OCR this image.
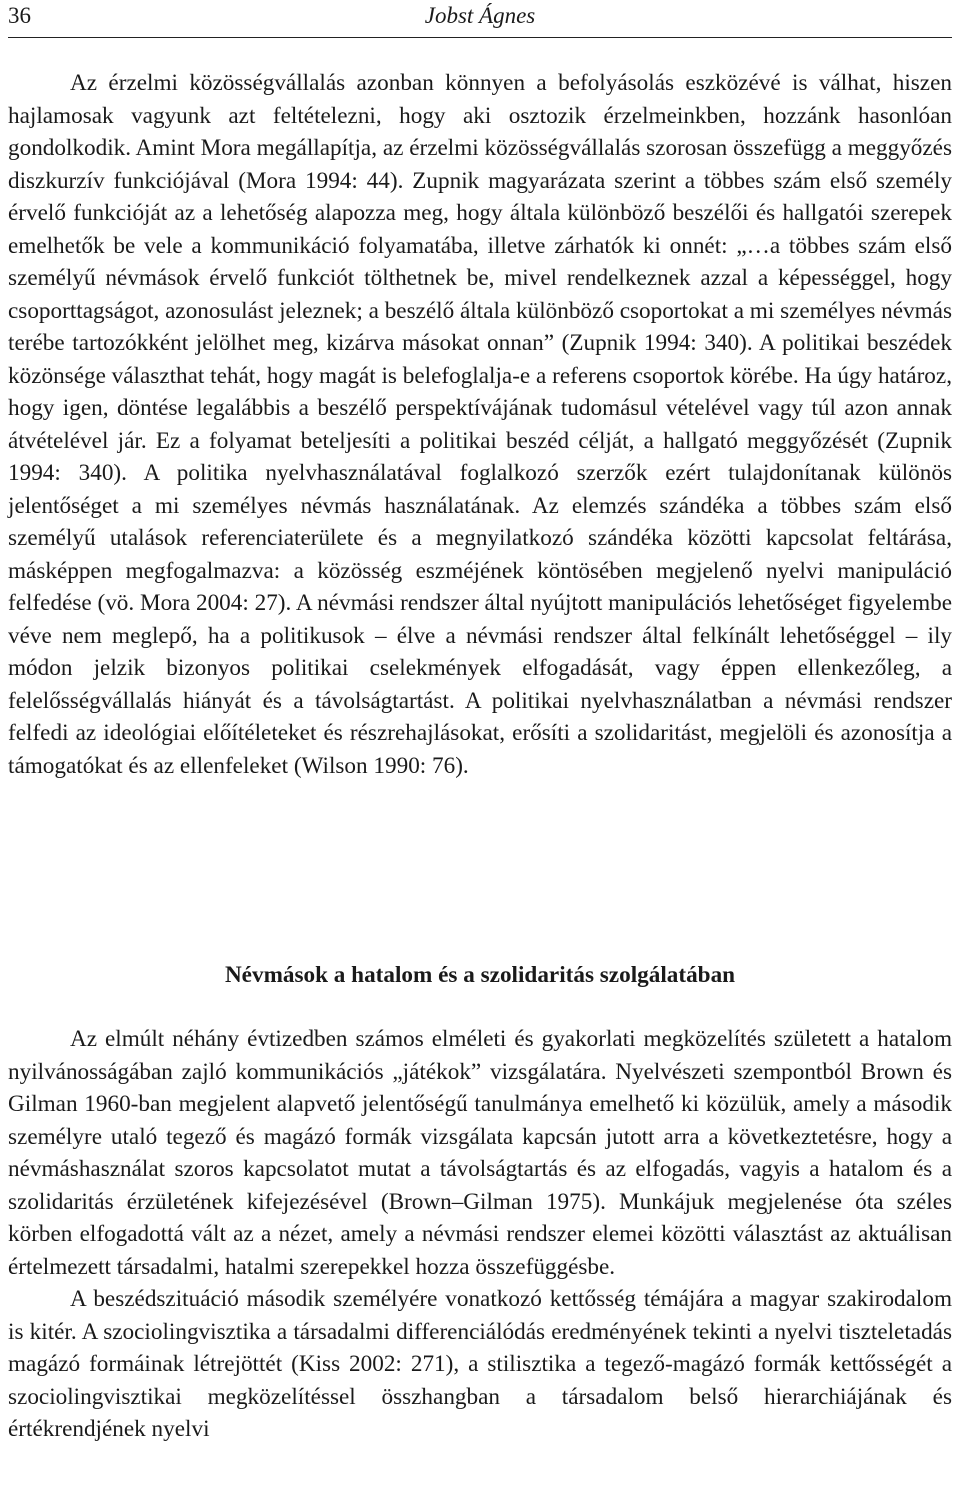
36	Jobst Ágnes

Az érzelmi közösségvállalás azonban könnyen a befolyásolás eszközévé is válhat, hiszen hajlamosak vagyunk azt feltételezni, hogy aki osztozik érzelmeinkben, hozzánk hasonlóan gondolkodik. Amint Mora megállapítja, az érzelmi közösségvállalás szorosan összefügg a meggyőzés diszkurzív funkciójával (Mora 1994: 44). Zupnik magyarázata szerint a többes szám első személy érvelő funkcióját az a lehetőség alapozza meg, hogy általa különböző beszélői és hallgatói szerepek emelhetők be vele a kommunikáció folyamatába, illetve zárhatók ki onnét: „…a többes szám első személyű névmások érvelő funkciót tölthetnek be, mivel rendelkeznek azzal a képességgel, hogy csoporttagságot, azonosulást jeleznek; a beszélő általa különböző csoportokat a mi személyes névmás terébe tartozókként jelölhet meg, kizárva másokat onnan” (Zupnik 1994: 340). A politikai beszédek közönsége választhat tehát, hogy magát is belefoglalja-e a referens csoportok körébe. Ha úgy határoz, hogy igen, döntése legalábbis a beszélő perspektívájának tudomásul vételével vagy túl azon annak átvételével jár. Ez a folyamat beteljesíti a politikai beszéd célját, a hallgató meggyőzését (Zupnik 1994: 340). A politika nyelvhasználatával foglalkozó szerzők ezért tulajdonítanak különös jelentőséget a mi személyes névmás használatának. Az elemzés szándéka a többes szám első személyű utalások referenciaterülete és a megnyilatkozó szándéka közötti kapcsolat feltárása, másképpen megfogalmazva: a közösség eszméjének köntösében megjelenő nyelvi manipuláció felfedése (vö. Mora 2004: 27). A névmási rendszer által nyújtott manipulációs lehetőséget figyelembe véve nem meglepő, ha a politikusok – élve a névmási rendszer által felkínált lehetőséggel – ily módon jelzik bizonyos politikai cselekmények elfogadását, vagy éppen ellenkezőleg, a felelősségvállalás hiányát és a távolságtartást. A politikai nyelvhasználatban a névmási rendszer felfedi az ideológiai előítéleteket és részrehajlásokat, erősíti a szolidaritást, megjelöli és azonosítja a támogatókat és az ellenfeleket (Wilson 1990: 76).

Névmások a hatalom és a szolidaritás szolgálatában

Az elmúlt néhány évtizedben számos elméleti és gyakorlati megközelítés született a hatalom nyilvánosságában zajló kommunikációs „játékok” vizsgálatára. Nyelvészeti szempontból Brown és Gilman 1960-ban megjelent alapvető jelentőségű tanulmánya emelhető ki közülük, amely a második személyre utaló tegező és magázó formák vizsgálata kapcsán jutott arra a következtetésre, hogy a névmáshasználat szoros kapcsolatot mutat a távolságtartás és az elfogadás, vagyis a hatalom és a szolidaritás érzületének kifejezésével (Brown–Gilman 1975). Munkájuk megjelenése óta széles körben elfogadottá vált az a nézet, amely a névmási rendszer elemei közötti választást az aktuálisan értelmezett társadalmi, hatalmi szerepekkel hozza összefüggésbe.

A beszédszituáció második személyére vonatkozó kettősség témájára a magyar szakirodalom is kitér. A szociolingvisztika a társadalmi differenciálódás eredményének tekinti a nyelvi tiszteletadás magázó formáinak létrejöttét (Kiss 2002: 271), a stilisztika a tegező-magázó formák kettősségét a szociolingvisztikai megközelítéssel összhangban a társadalom belső hierarchiájának és értékrendjének nyelvi
